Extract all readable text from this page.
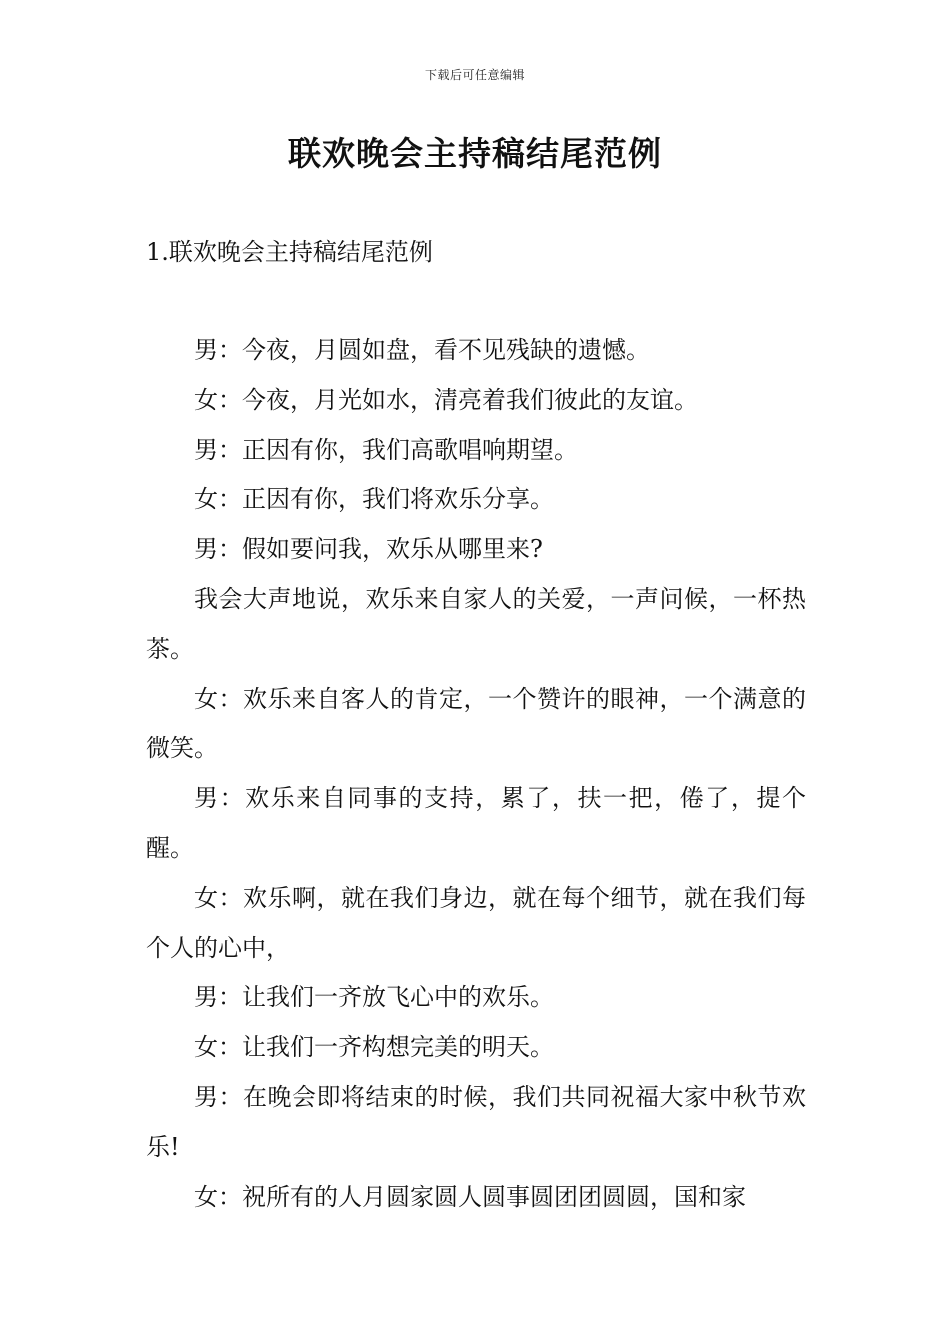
下载后可任意编辑
联欢晚会主持稿结尾范例
1.联欢晚会主持稿结尾范例

男：今夜，月圆如盘，看不见残缺的遗憾。

女：今夜，月光如水，清亮着我们彼此的友谊。

男：正因有你，我们高歌唱响期望。

女：正因有你，我们将欢乐分享。

男：假如要问我，欢乐从哪里来?

我会大声地说，欢乐来自家人的关爱，一声问候，一杯热茶。

女：欢乐来自客人的肯定，一个赞许的眼神，一个满意的微笑。

男：欢乐来自同事的支持，累了，扶一把，倦了，提个醒。

女：欢乐啊，就在我们身边，就在每个细节，就在我们每个人的心中，

男：让我们一齐放飞心中的欢乐。

女：让我们一齐构想完美的明天。

男：在晚会即将结束的时候，我们共同祝福大家中秋节欢乐!

女：祝所有的人月圆家圆人圆事圆团团圆圆，国和家
